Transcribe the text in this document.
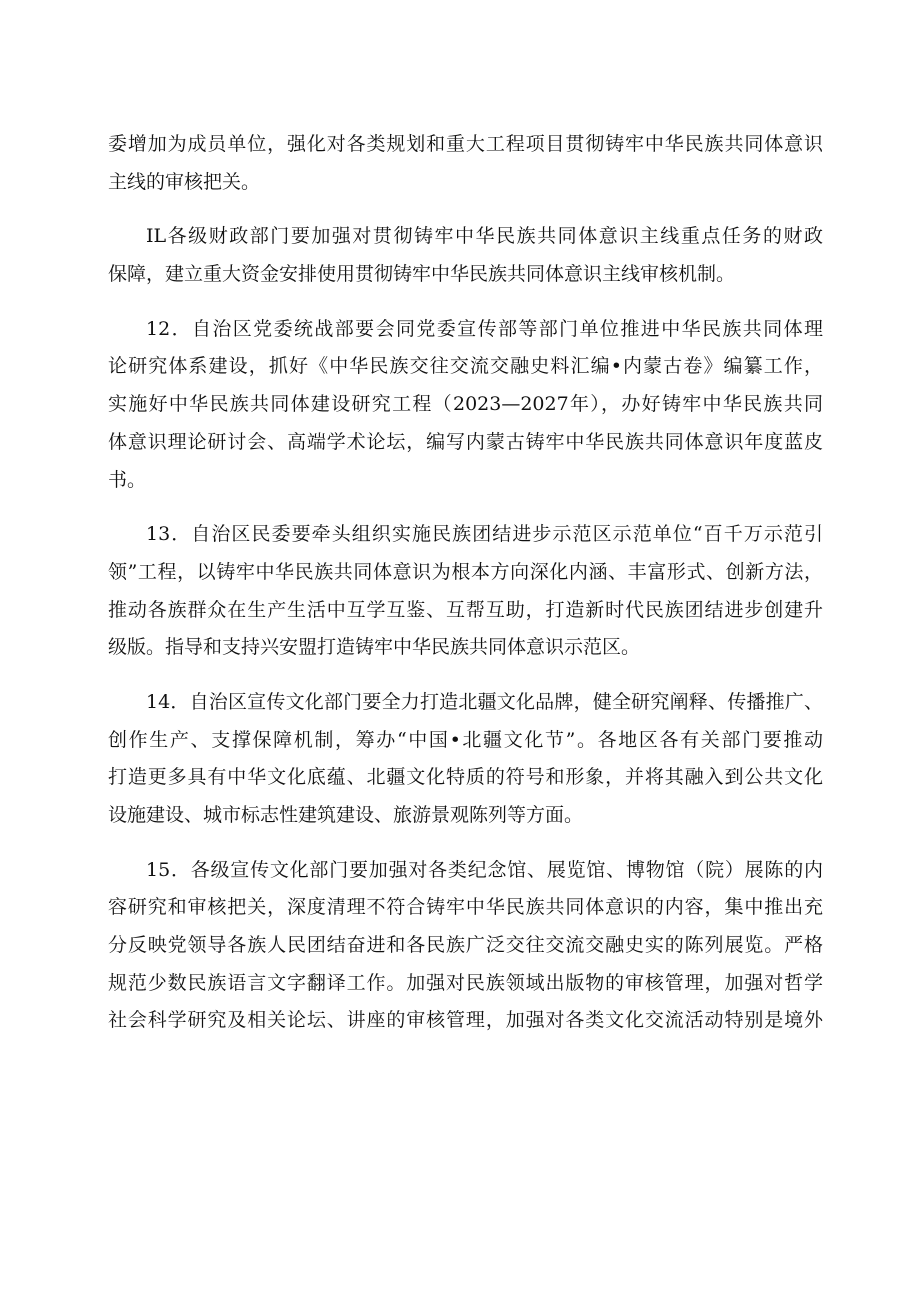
委增加为成员单位，强化对各类规划和重大工程项目贯彻铸牢中华民族共同体意识
主线的审核把关。
IL各级财政部门要加强对贯彻铸牢中华民族共同体意识主线重点任务的财政
保障，建立重大资金安排使用贯彻铸牢中华民族共同体意识主线审核机制。
12．自治区党委统战部要会同党委宣传部等部门单位推进中华民族共同体理
论研究体系建设，抓好《中华民族交往交流交融史料汇编•内蒙古卷》编纂工作，
实施好中华民族共同体建设研究工程（2023—2027年），办好铸牢中华民族共同
体意识理论研讨会、高端学术论坛，编写内蒙古铸牢中华民族共同体意识年度蓝皮
书。
13．自治区民委要牵头组织实施民族团结进步示范区示范单位“百千万示范引
领”工程，以铸牢中华民族共同体意识为根本方向深化内涵、丰富形式、创新方法，
推动各族群众在生产生活中互学互鉴、互帮互助，打造新时代民族团结进步创建升
级版。指导和支持兴安盟打造铸牢中华民族共同体意识示范区。
14．自治区宣传文化部门要全力打造北疆文化品牌，健全研究阐释、传播推广、
创作生产、支撑保障机制，筹办“中国•北疆文化节”。各地区各有关部门要推动
打造更多具有中华文化底蕴、北疆文化特质的符号和形象，并将其融入到公共文化
设施建设、城市标志性建筑建设、旅游景观陈列等方面。
15．各级宣传文化部门要加强对各类纪念馆、展览馆、博物馆（院）展陈的内
容研究和审核把关，深度清理不符合铸牢中华民族共同体意识的内容，集中推出充
分反映党领导各族人民团结奋进和各民族广泛交往交流交融史实的陈列展览。严格
规范少数民族语言文字翻译工作。加强对民族领域出版物的审核管理，加强对哲学
社会科学研究及相关论坛、讲座的审核管理，加强对各类文化交流活动特别是境外
